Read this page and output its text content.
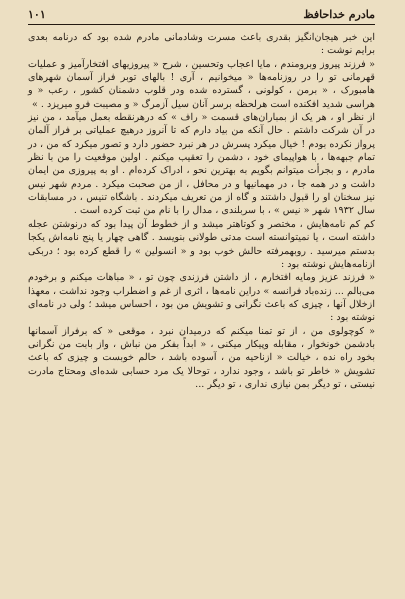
مادرم خداحافظ
۱۰۱

این خبر هیجان‌انگیز بقدری باعث مسرت وشادمانی مادرم شده بود که درنامه بعدی برایم نوشت :

« فرزند پیروز وبرومندم ، مایا اعجاب وتحسین ، شرح « پیروزیهای افتخارآمیز و عملیات قهرمانی تو را در روزنامه‌ها « میخوانیم ، آری ! بالهای توبر فراز آسمان شهرهای هامبورک ، « برمن ، کولونی ، گسترده شده ودر قلوب دشمنان کشور ، رعب « و هراسی شدید افکنده است هرلحظه برسر آنان سیل آزمرگ « و مصیبت فرو میریزد . »

از نظر او ، هر یک از بمباران‌های قسمت « راف » که درهرنقطه بعمل میآمد ، من نیز در آن شرکت داشتم . حال آنکه من بیاد دارم که تا آنروز درهیچ عملیاتی بر فراز آلمان پرواز نکرده بودم ! خیال میکرد پسرش در هر نبرد حضور دارد و تصور میکرد که من ، در تمام جبهه‌ها ، با هواپیمای خود ، دشمن را تعقیب میکنم . اولین موقعیت را من با نظر مادرم ، و بجرأت میتوانم بگویم به بهترین نحو ، ادراک کرده‌ام . او به پیروزی من ایمان داشت و در همه جا ، در مهمانیها و در محافل ، از من صحبت میکرد . مردم شهر نیس نیز سخنان او را قبول داشتند و گاه از من تعریف میکردند . باشگاه تنیس ، در مسابقات سال ۱۹۳۲ شهر « نیس » ، با سربلندی ، مدال را با نام من ثبت کرده است .

کم کم نامه‌هایش ، مختصر و کوتاهتر میشد و از خطوط آن پیدا بود که درنوشتن عجله داشته است ، یا نمیتوانسته است مدتی طولانی بنویسد . گاهی چهار یا پنج نامه‌اش یکجا بدستم میرسید . روبهمرفته حالش خوب بود و « انسولین » را قطع کرده بود ؛ دربکی ازنامه‌هایش نوشته بود :

« فرزند عزیز ومایه افتخارم ، از داشتن فرزندی چون تو ، « مباهات میکنم و برخودم می‌بالم ... زنده‌باد فرانسه » دراین نامه‌ها ، اثری از غم و اضطراب وجود نداشت ، معهذا ازخلال آنها ، چیزی که باعث نگرانی و تشویش من بود ، احساس میشد ؛ ولی در نامه‌ای نوشته بود :

« کوچولوی من ، از تو تمنا میکنم که درمیدان نبرد ، موقعی « که برفراز آسمانها بادشمن خونخوار ، مقابله وپیکار میکنی ، « ابداً بفکر من نباش ، واز بابت من نگرانی بخود راه نده ، خیالت « ازناحیه من ، آسوده باشد ، حالم خوبست و چیزی که باعث تشویش « خاطر تو باشد ، وجود ندارد ، توحالا یک مرد حسابی شده‌ای ومحتاج مادرت نیستی ، تو دیگر بمن نیازی نداری ، تو دیگر ...
